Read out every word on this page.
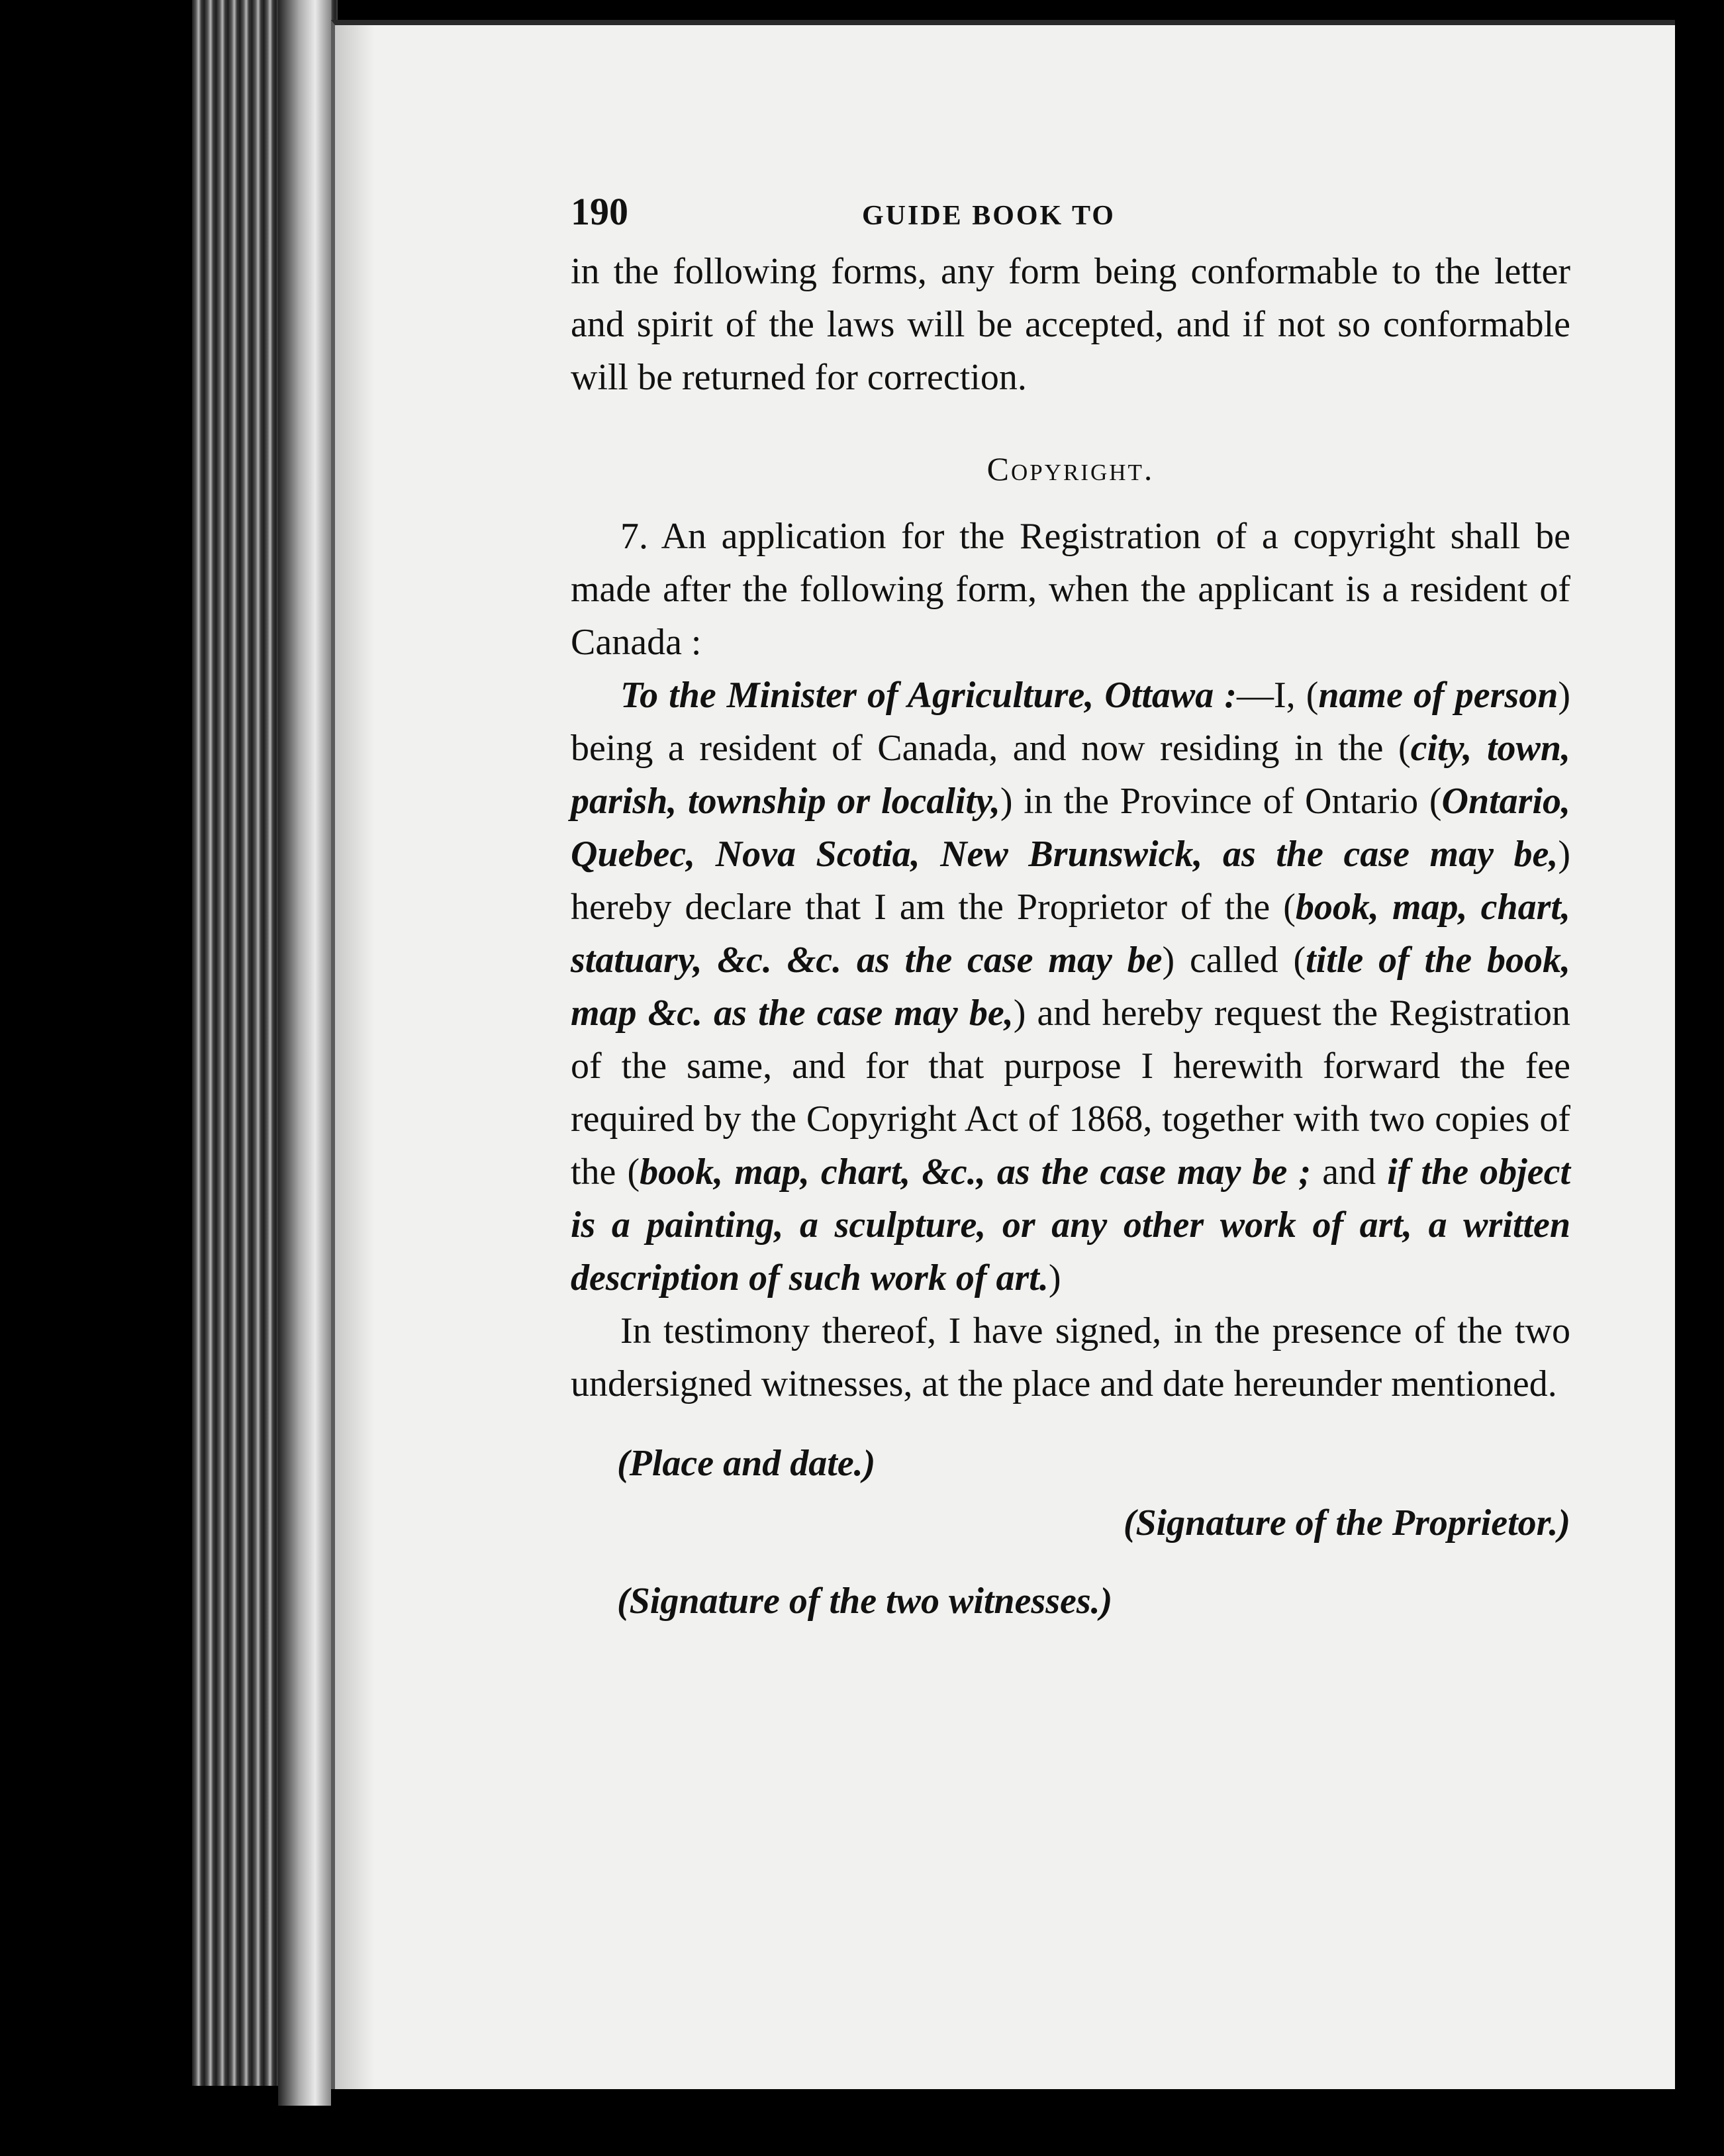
190	GUIDE BOOK TO

in the following forms, any form being conformable to the letter and spirit of the laws will be accepted, and if not so conformable will be returned for correction.

Copyright.

7. An application for the Registration of a copyright shall be made after the following form, when the applicant is a resident of Canada :

To the Minister of Agriculture, Ottawa :—I, (name of person) being a resident of Canada, and now residing in the (city, town, parish, township or locality,) in the Province of Ontario (Ontario, Quebec, Nova Scotia, New Brunswick, as the case may be,) hereby declare that I am the Proprietor of the (book, map, chart, statuary, &c. &c. as the case may be) called (title of the book, map &c. as the case may be,) and hereby request the Registration of the same, and for that purpose I herewith forward the fee required by the Copyright Act of 1868, together with two copies of the (book, map, chart, &c., as the case may be ; and if the object is a painting, a sculpture, or any other work of art, a written description of such work of art.)

In testimony thereof, I have signed, in the presence of the two undersigned witnesses, at the place and date hereunder mentioned.

(Place and date.)
(Signature of the Proprietor.)
(Signature of the two witnesses.)
